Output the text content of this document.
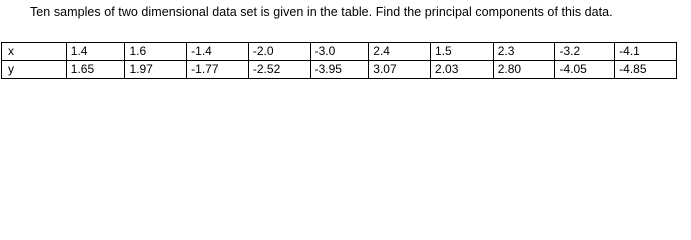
Ten samples of two dimensional data set is given in the table. Find the principal components of this data.
x	1.4	1.6	-1.4	-2.0	-3.0	2.4	1.5	2.3	-3.2	-4.1
y	1.65	1.97	-1.77	-2.52	-3.95	3.07	2.03	2.80	-4.05	-4.85
